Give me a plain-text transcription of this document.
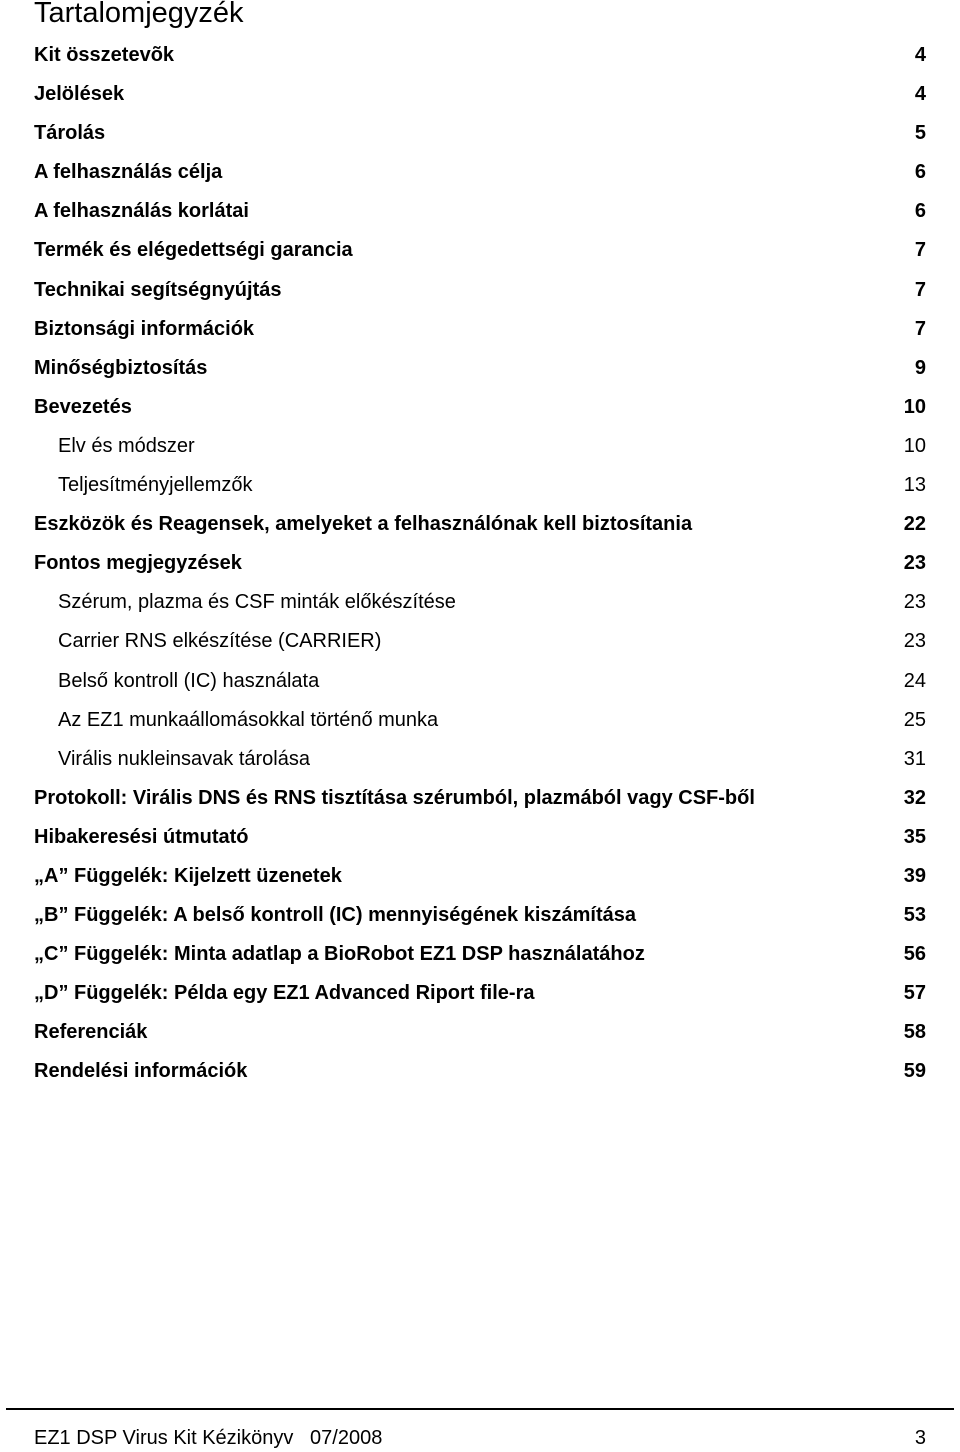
Tartalomjegyzék
Kit összetevõk	4
Jelölések	4
Tárolás	5
A felhasználás célja	6
A felhasználás korlátai	6
Termék és elégedettségi garancia	7
Technikai segítségnyújtás	7
Biztonsági információk	7
Minőségbiztosítás	9
Bevezetés	10
Elv és módszer	10
Teljesítményjellemzők	13
Eszközök és Reagensek, amelyeket a felhasználónak kell biztosítania	22
Fontos megjegyzések	23
Szérum, plazma és CSF minták előkészítése	23
Carrier RNS elkészítése (CARRIER)	23
Belső kontroll (IC) használata	24
Az EZ1 munkaállomásokkal történő munka	25
Virális nukleinsavak tárolása	31
Protokoll: Virális DNS és RNS tisztítása szérumból, plazmából vagy CSF-ből	32
Hibakeresési útmutató	35
„A” Függelék: Kijelzett üzenetek	39
„B” Függelék: A belső kontroll (IC) mennyiségének kiszámítása	53
„C” Függelék: Minta adatlap a BioRobot EZ1 DSP használatához	56
„D” Függelék: Példa egy EZ1 Advanced Riport file-ra	57
Referenciák	58
Rendelési információk	59
EZ1 DSP Virus Kit Kézikönyv   07/2008	3
